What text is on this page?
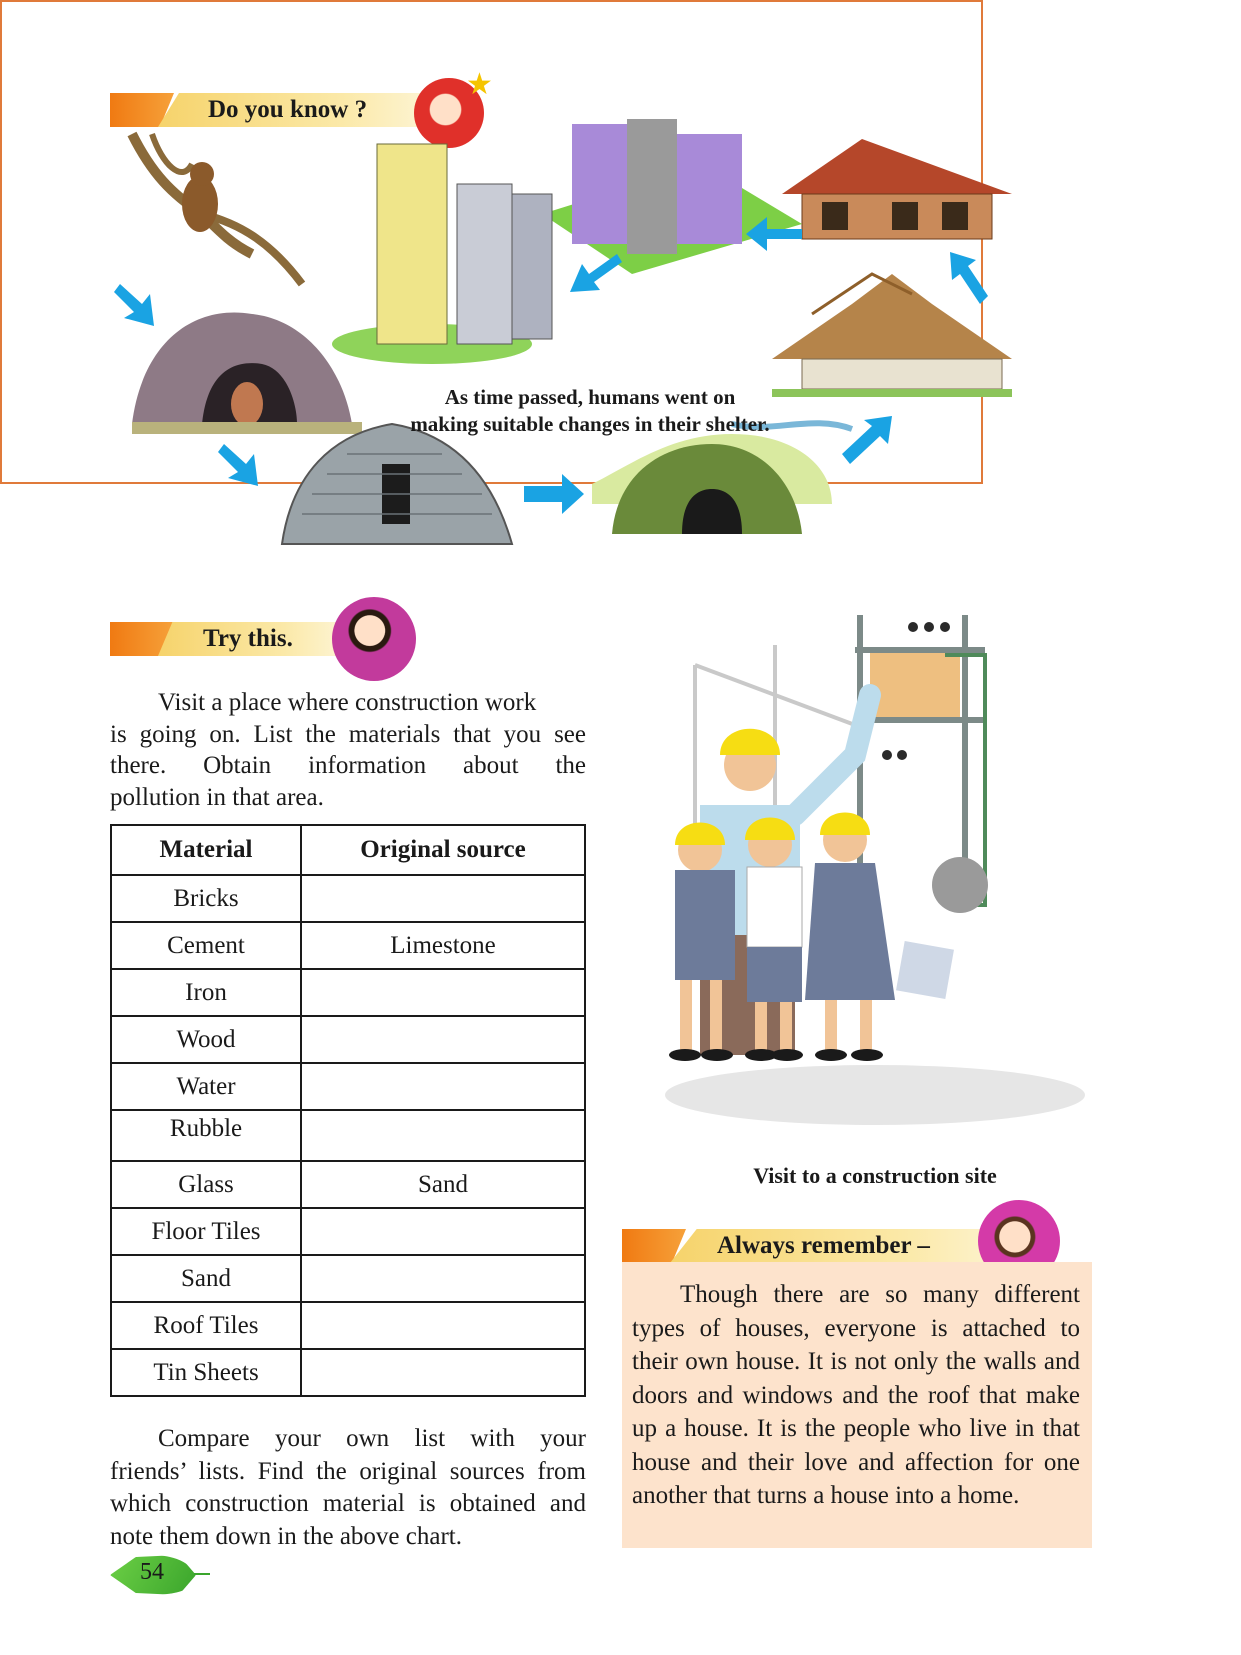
Do you know ?
★
As time passed, humans went on
making suitable changes in their shelter.
Try this.
Visit a place where construction work
is going on. List the materials that you see
there. Obtain information about the
pollution in that area.
Material	Original source
Bricks	
Cement	Limestone
Iron	
Wood	
Water	
Rubble	
Glass	Sand
Floor Tiles	
Sand	
Roof Tiles	
Tin Sheets	
Compare your own list with your
friends’ lists. Find the original sources from
which construction material is obtained and
note them down in the above chart.
Visit to a construction site
Always remember –
Though there are so many different types of houses, everyone is attached to their own house. It is not only the walls and doors and windows and the roof that make up a house. It is the people who live in that house and their love and affection for one another that turns a house into a home.
54
